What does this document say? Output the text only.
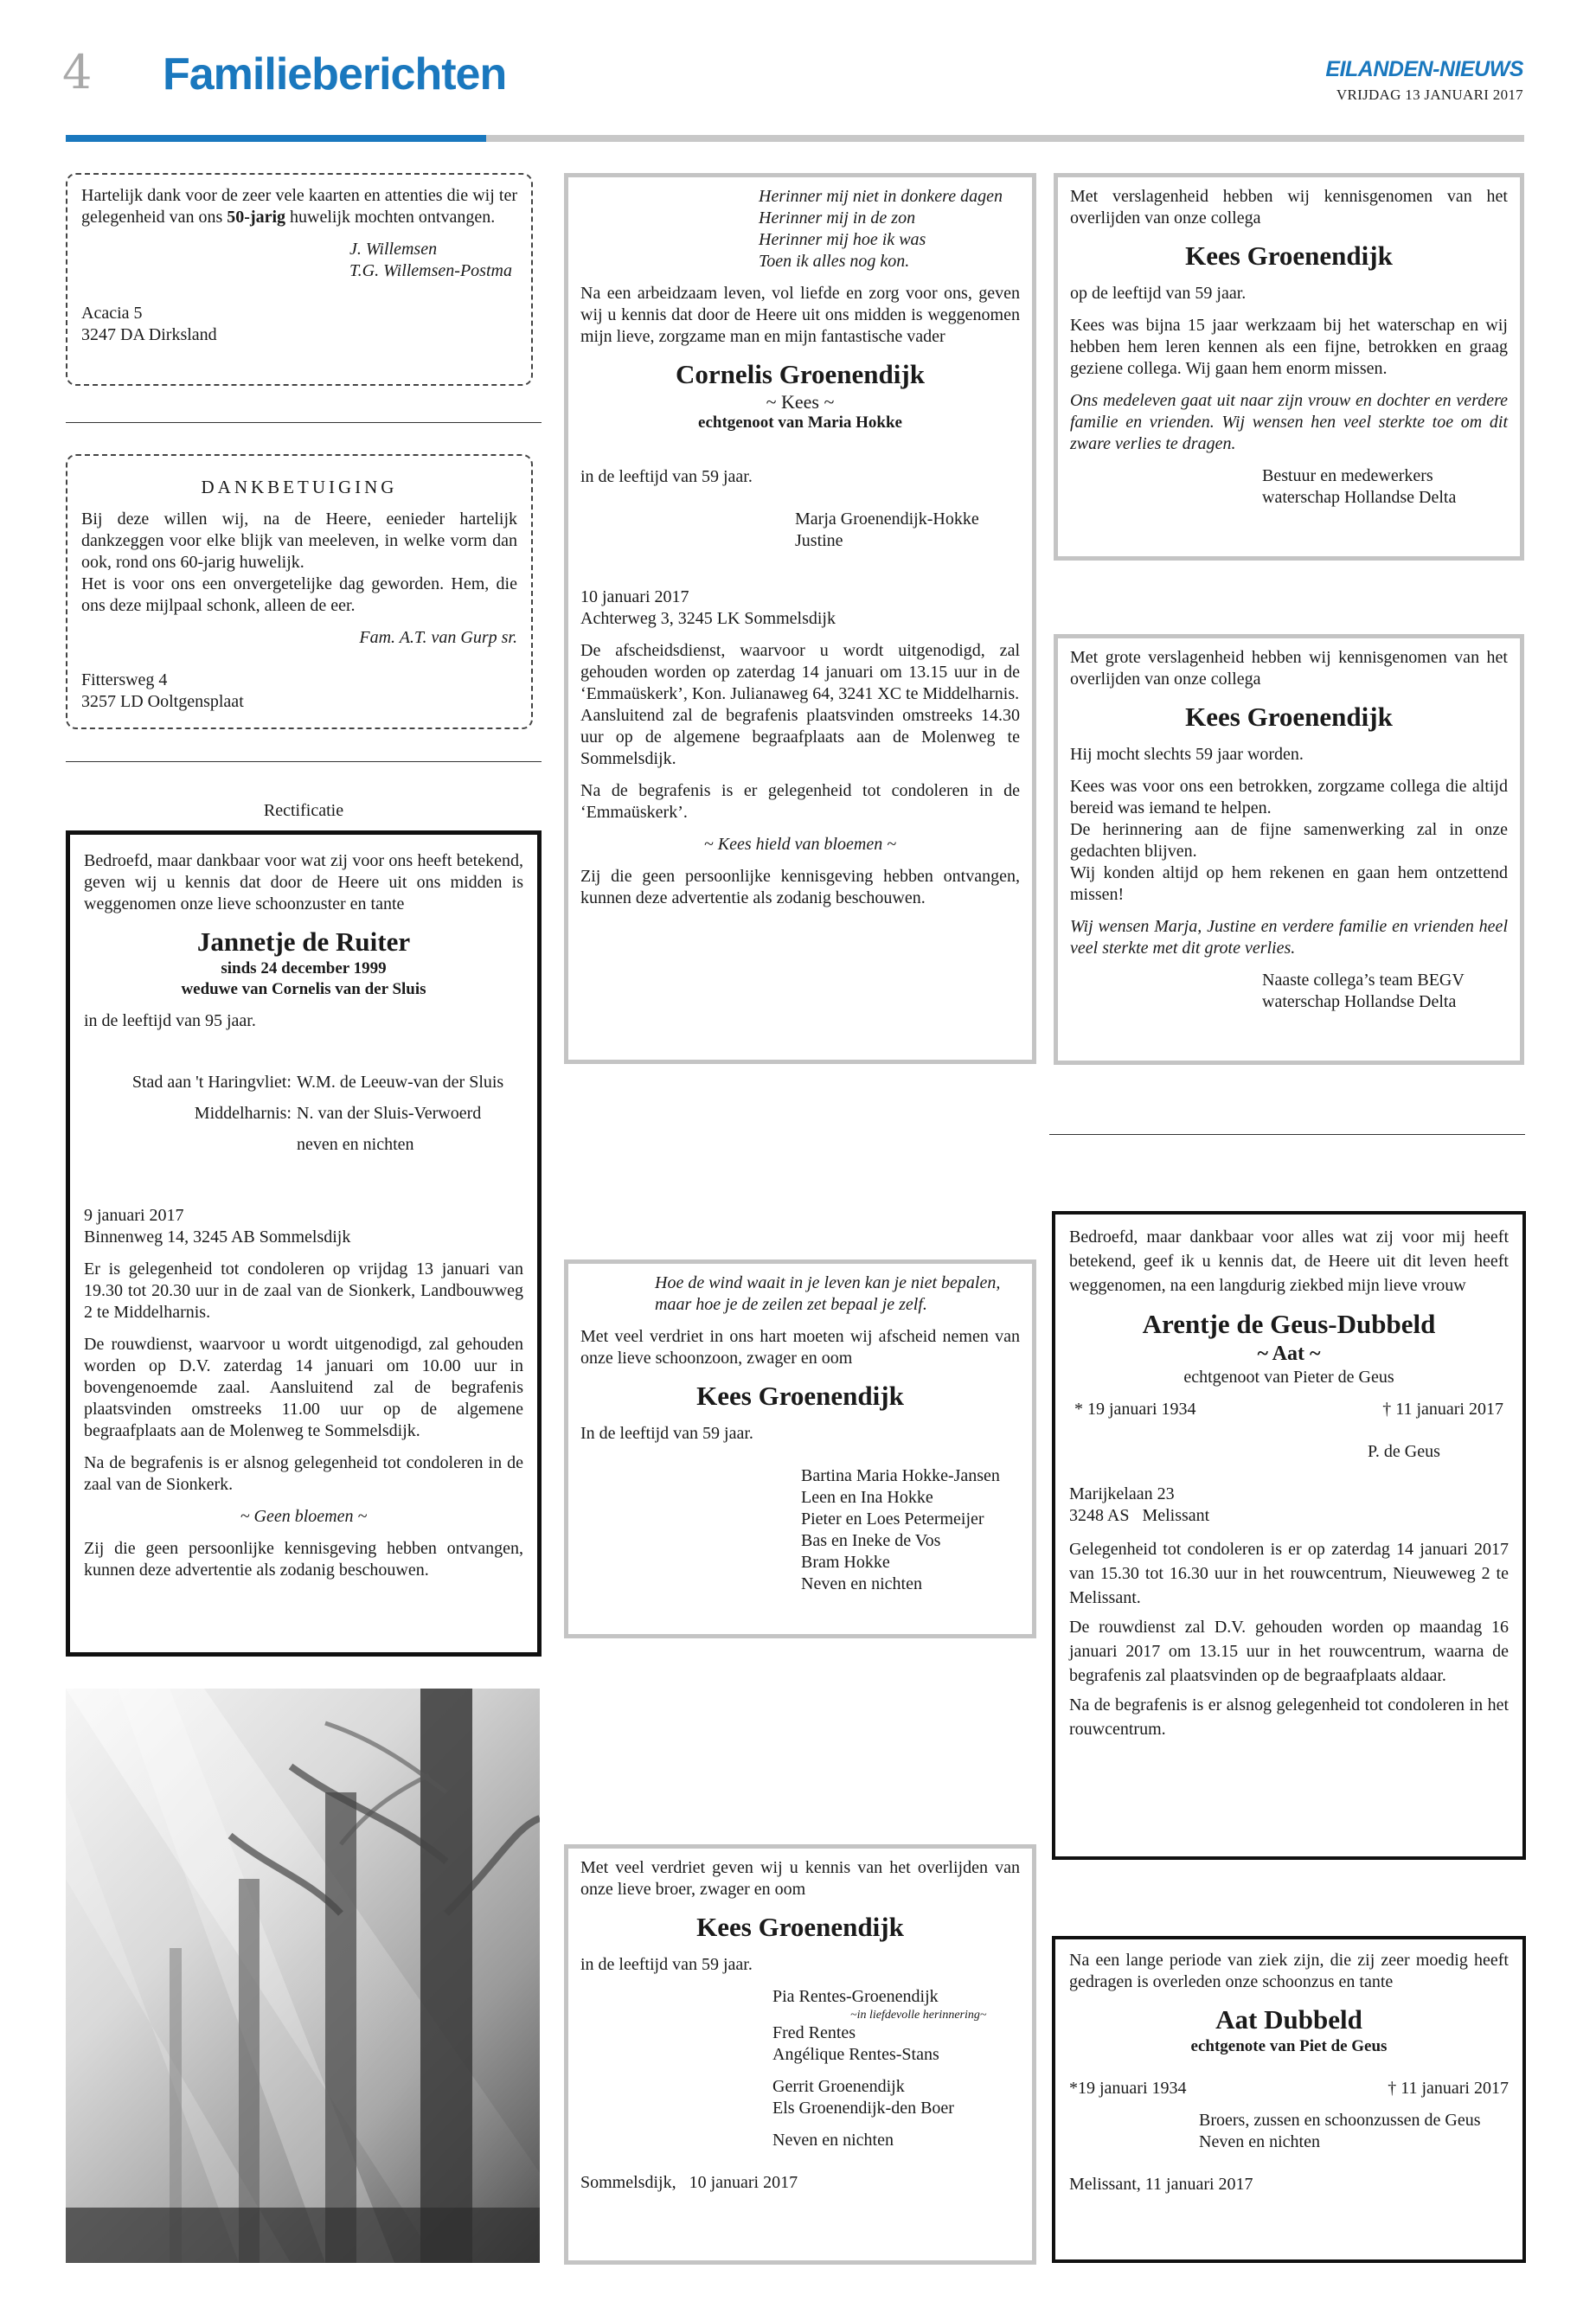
4 Familieberichten	EILANDEN-NIEUWS
VRIJDAG 13 JANUARI 2017

Hartelijk dank voor de zeer vele kaarten en attenties die wij ter gelegenheid van ons 50-jarig huwelijk mochten ontvangen.

J. Willemsen

T.G. Willemsen-Postma

Acacia 5

3247 DA Dirksland

DANKBETUIGING

Bij deze willen wij, na de Heere, eenieder hartelijk dankzeggen voor elke blijk van meeleven, in welke vorm dan ook, rond ons 60-jarig huwelijk.

Het is voor ons een onvergetelijke dag geworden. Hem, die ons deze mijlpaal schonk, alleen de eer.

Fam. A.T. van Gurp sr.

Fittersweg 4

3257 LD Ooltgensplaat

Rectificatie

Bedroefd, maar dankbaar voor wat zij voor ons heeft betekend, geven wij u kennis dat door de Heere uit ons midden is weggenomen onze lieve schoonzuster en tante

Jannetje de Ruiter

sinds 24 december 1999

weduwe van Cornelis van der Sluis

in de leeftijd van 95 jaar.

Stad aan 't Haringvliet: W.M. de Leeuw-van der Sluis
Middelharnis: N. van der Sluis-Verwoerd
neven en nichten

9 januari 2017

Binnenweg 14, 3245 AB Sommelsdijk

Er is gelegenheid tot condoleren op vrijdag 13 januari van 19.30 tot 20.30 uur in de zaal van de Sionkerk, Landbouwweg 2 te Middelharnis.

De rouwdienst, waarvoor u wordt uitgenodigd, zal gehouden worden op D.V. zaterdag 14 januari om 10.00 uur in bovengenoemde zaal. Aansluitend zal de begrafenis plaatsvinden omstreeks 11.00 uur op de algemene begraafplaats aan de Molenweg te Sommelsdijk.

Na de begrafenis is er alsnog gelegenheid tot condoleren in de zaal van de Sionkerk.

~ Geen bloemen ~

Zij die geen persoonlijke kennisgeving hebben ontvangen, kunnen deze advertentie als zodanig beschouwen.

Herinner mij niet in donkere dagen

Herinner mij in de zon

Herinner mij hoe ik was

Toen ik alles nog kon.

Na een arbeidzaam leven, vol liefde en zorg voor ons, geven wij u kennis dat door de Heere uit ons midden is weggenomen mijn lieve, zorgzame man en mijn fantastische vader

Cornelis Groenendijk

~ Kees ~

echtgenoot van Maria Hokke

in de leeftijd van 59 jaar.

Marja Groenendijk-Hokke

Justine

10 januari 2017

Achterweg 3, 3245 LK Sommelsdijk

De afscheidsdienst, waarvoor u wordt uitgenodigd, zal gehouden worden op zaterdag 14 januari om 13.15 uur in de ‘Emmaüskerk’, Kon. Julianaweg 64, 3241 XC te Middelharnis.

Aansluitend zal de begrafenis plaatsvinden omstreeks 14.30 uur op de algemene begraafplaats aan de Molenweg te Sommelsdijk.

Na de begrafenis is er gelegenheid tot condoleren in de ‘Emmaüskerk’.

~ Kees hield van bloemen ~

Zij die geen persoonlijke kennisgeving hebben ontvangen, kunnen deze advertentie als zodanig beschouwen.

Hoe de wind waait in je leven kan je niet bepalen,

maar hoe je de zeilen zet bepaal je zelf.

Met veel verdriet in ons hart moeten wij afscheid nemen van onze lieve schoonzoon, zwager en oom

Kees Groenendijk

In de leeftijd van 59 jaar.

Bartina Maria Hokke-Jansen

Leen en Ina Hokke

Pieter en Loes Petermeijer

Bas en Ineke de Vos

Bram Hokke

Neven en nichten

Met veel verdriet geven wij u kennis van het overlijden van onze lieve broer, zwager en oom

Kees Groenendijk

in de leeftijd van 59 jaar.

Pia Rentes-Groenendijk

~in liefdevolle herinnering~

Fred Rentes

Angélique Rentes-Stans

Gerrit Groenendijk

Els Groenendijk-den Boer

Neven en nichten

Sommelsdijk,   10 januari 2017

Met verslagenheid hebben wij kennisgenomen van het overlijden van onze collega

Kees Groenendijk

op de leeftijd van 59 jaar.

Kees was bijna 15 jaar werkzaam bij het waterschap en wij hebben hem leren kennen als een fijne, betrokken en graag geziene collega. Wij gaan hem enorm missen.

Ons medeleven gaat uit naar zijn vrouw en dochter en verdere familie en vrienden. Wij wensen hen veel sterkte toe om dit zware verlies te dragen.

Bestuur en medewerkers

waterschap Hollandse Delta

Met grote verslagenheid hebben wij kennisgenomen van het overlijden van onze collega

Kees Groenendijk

Hij mocht slechts 59 jaar worden.

Kees was voor ons een betrokken, zorgzame collega die altijd bereid was iemand te helpen.

De herinnering aan de fijne samenwerking zal in onze gedachten blijven.

Wij konden altijd op hem rekenen en gaan hem ontzettend missen!

Wij wensen Marja, Justine en verdere familie en vrienden heel veel sterkte met dit grote verlies.

Naaste collega’s team BEGV

waterschap Hollandse Delta

Bedroefd, maar dankbaar voor alles wat zij voor mij heeft betekend, geef ik u kennis dat, de Heere uit dit leven heeft weggenomen, na een langdurig ziekbed mijn lieve vrouw

Arentje de Geus-Dubbeld

~ Aat ~

echtgenoot van Pieter de Geus

* 19 januari 1934	† 11 januari 2017

P. de Geus

Marijkelaan 23

3248 AS   Melissant

Gelegenheid tot condoleren is er op zaterdag 14 januari 2017 van 15.30 tot 16.30 uur in het rouwcentrum, Nieuweweg 2 te Melissant.

De rouwdienst zal D.V. gehouden worden op maandag 16 januari 2017 om 13.15 uur in het rouwcentrum, waarna de begrafenis zal plaatsvinden op de begraafplaats aldaar.

Na de begrafenis is er alsnog gelegenheid tot condoleren in het rouwcentrum.

Na een lange periode van ziek zijn, die zij zeer moedig heeft gedragen is overleden onze schoonzus en tante

Aat Dubbeld

echtgenote van Piet de Geus

*19 januari 1934	† 11 januari 2017

Broers, zussen en schoonzussen de Geus

Neven en nichten

Melissant, 11 januari 2017
